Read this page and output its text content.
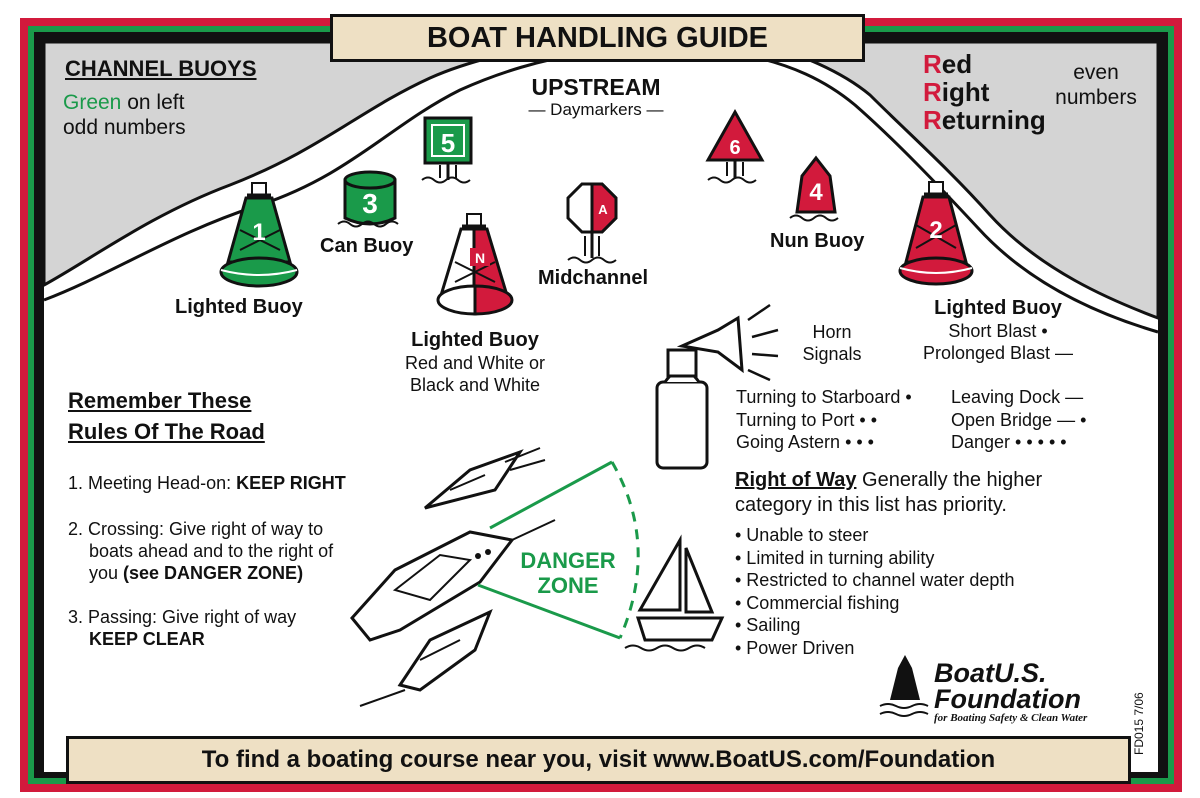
5	6
1
3
N
A
4
2
BOAT HANDLING GUIDE
CHANNEL BUOYS
Green on left
odd numbers
Red
Right
Returning
even
numbers
UPSTREAM
— Daymarkers —
Lighted Buoy
Can Buoy
Midchannel
Nun Buoy
Lighted Buoy
Red and White or
Black and White
Lighted Buoy
Short Blast •
Prolonged Blast —
Horn
Signals
Turning to Starboard •
Turning to Port • •
Going Astern • • •
Leaving Dock —
Open Bridge — •
Danger • • • • •
Remember These
Rules Of The Road
1. Meeting Head-on: KEEP RIGHT
2. Crossing: Give right of way to
boats ahead and to the right of
you (see DANGER ZONE)
3. Passing: Give right of way
KEEP CLEAR
DANGER
ZONE
Right of Way Generally the higher
category in this list has priority.
• Unable to steer
• Limited in turning ability
• Restricted to channel water depth
• Commercial fishing
• Sailing
• Power Driven
BoatU.S.
Foundation
for Boating Safety & Clean Water	FD015 7/06
To find a boating course near you, visit www.BoatUS.com/Foundation
